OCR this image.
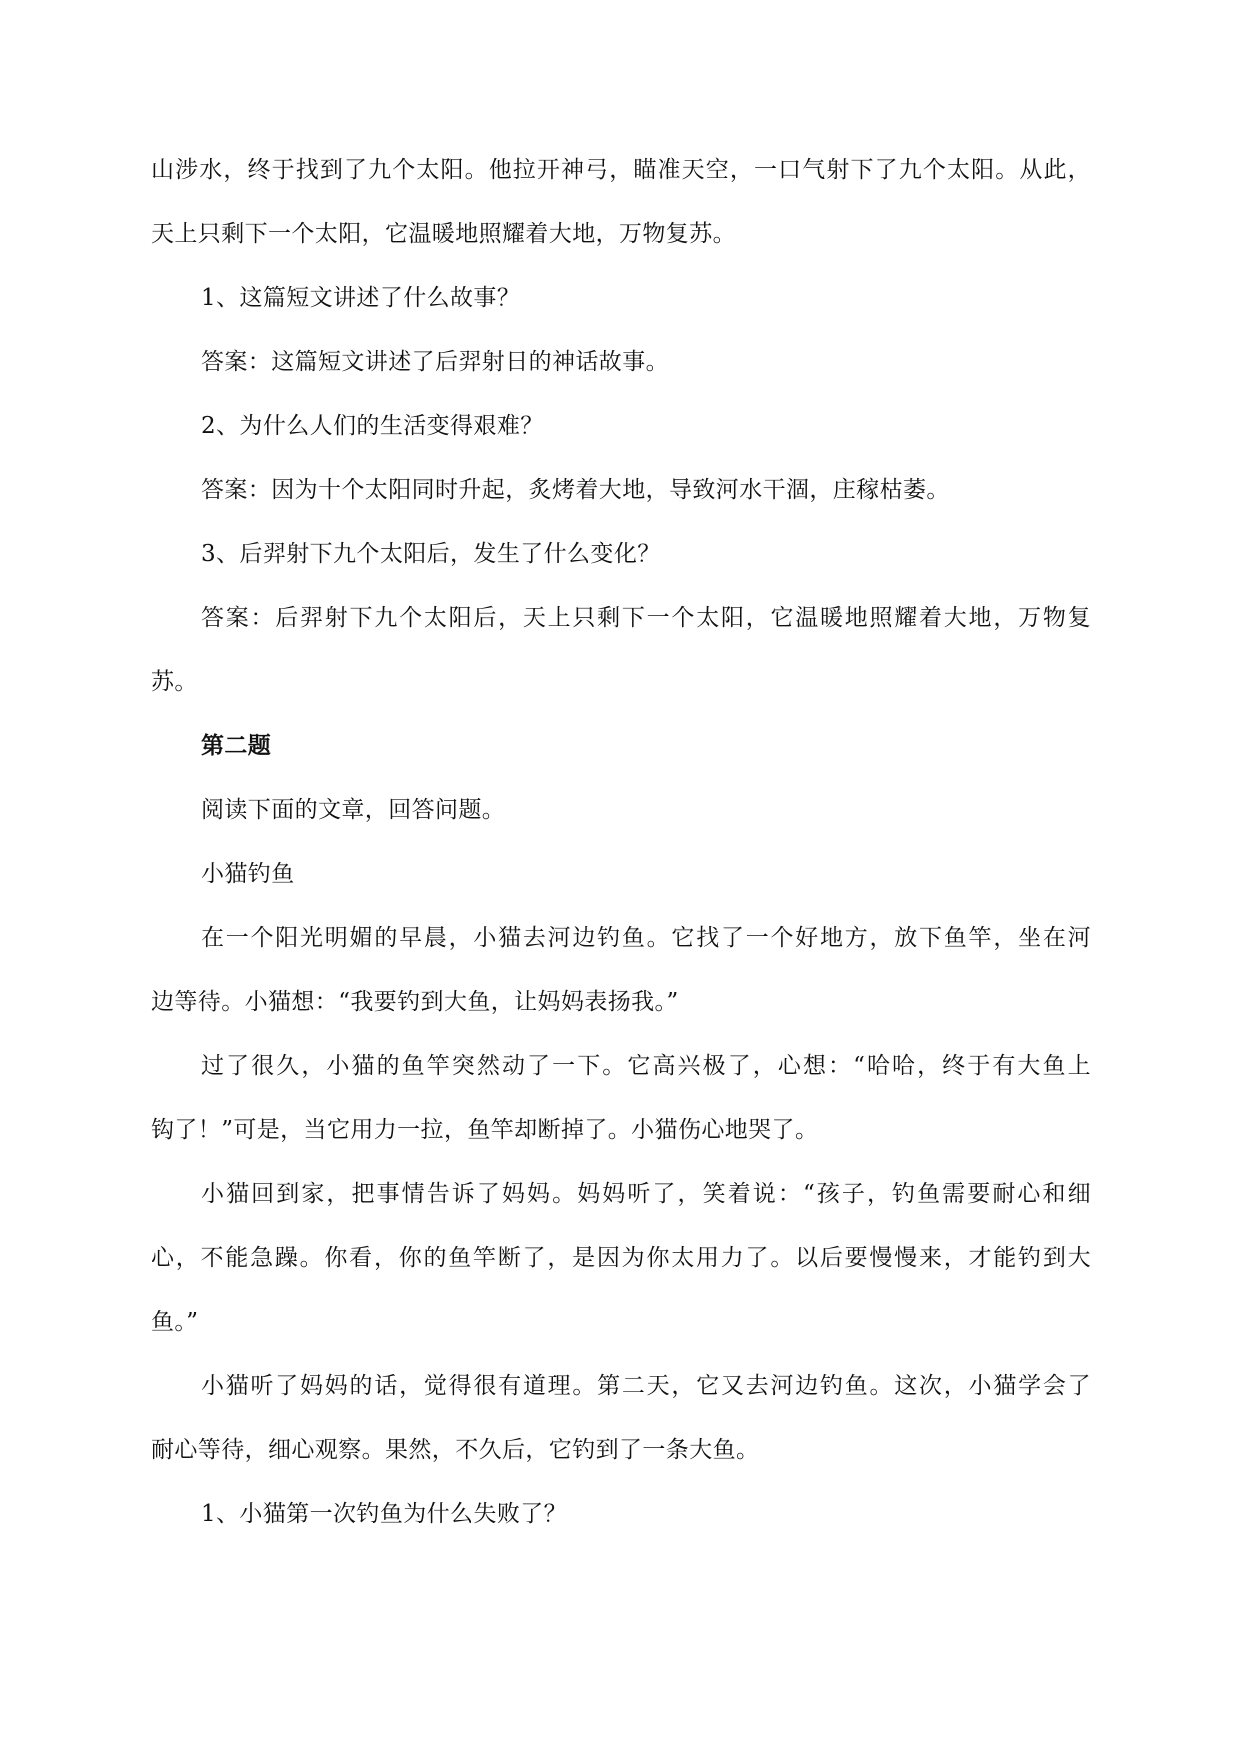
山涉水，终于找到了九个太阳。他拉开神弓，瞄准天空，一口气射下了九个太阳。从此，
天上只剩下一个太阳，它温暖地照耀着大地，万物复苏。
1、这篇短文讲述了什么故事？
答案：这篇短文讲述了后羿射日的神话故事。
2、为什么人们的生活变得艰难？
答案：因为十个太阳同时升起，炙烤着大地，导致河水干涸，庄稼枯萎。
3、后羿射下九个太阳后，发生了什么变化？
答案：后羿射下九个太阳后，天上只剩下一个太阳，它温暖地照耀着大地，万物复
苏。
第二题
阅读下面的文章，回答问题。
小猫钓鱼
在一个阳光明媚的早晨，小猫去河边钓鱼。它找了一个好地方，放下鱼竿，坐在河
边等待。小猫想：“我要钓到大鱼，让妈妈表扬我。”
过了很久，小猫的鱼竿突然动了一下。它高兴极了，心想：“哈哈，终于有大鱼上
钩了！”可是，当它用力一拉，鱼竿却断掉了。小猫伤心地哭了。
小猫回到家，把事情告诉了妈妈。妈妈听了，笑着说：“孩子，钓鱼需要耐心和细
心，不能急躁。你看，你的鱼竿断了，是因为你太用力了。以后要慢慢来，才能钓到大
鱼。”
小猫听了妈妈的话，觉得很有道理。第二天，它又去河边钓鱼。这次，小猫学会了
耐心等待，细心观察。果然，不久后，它钓到了一条大鱼。
1、小猫第一次钓鱼为什么失败了？
